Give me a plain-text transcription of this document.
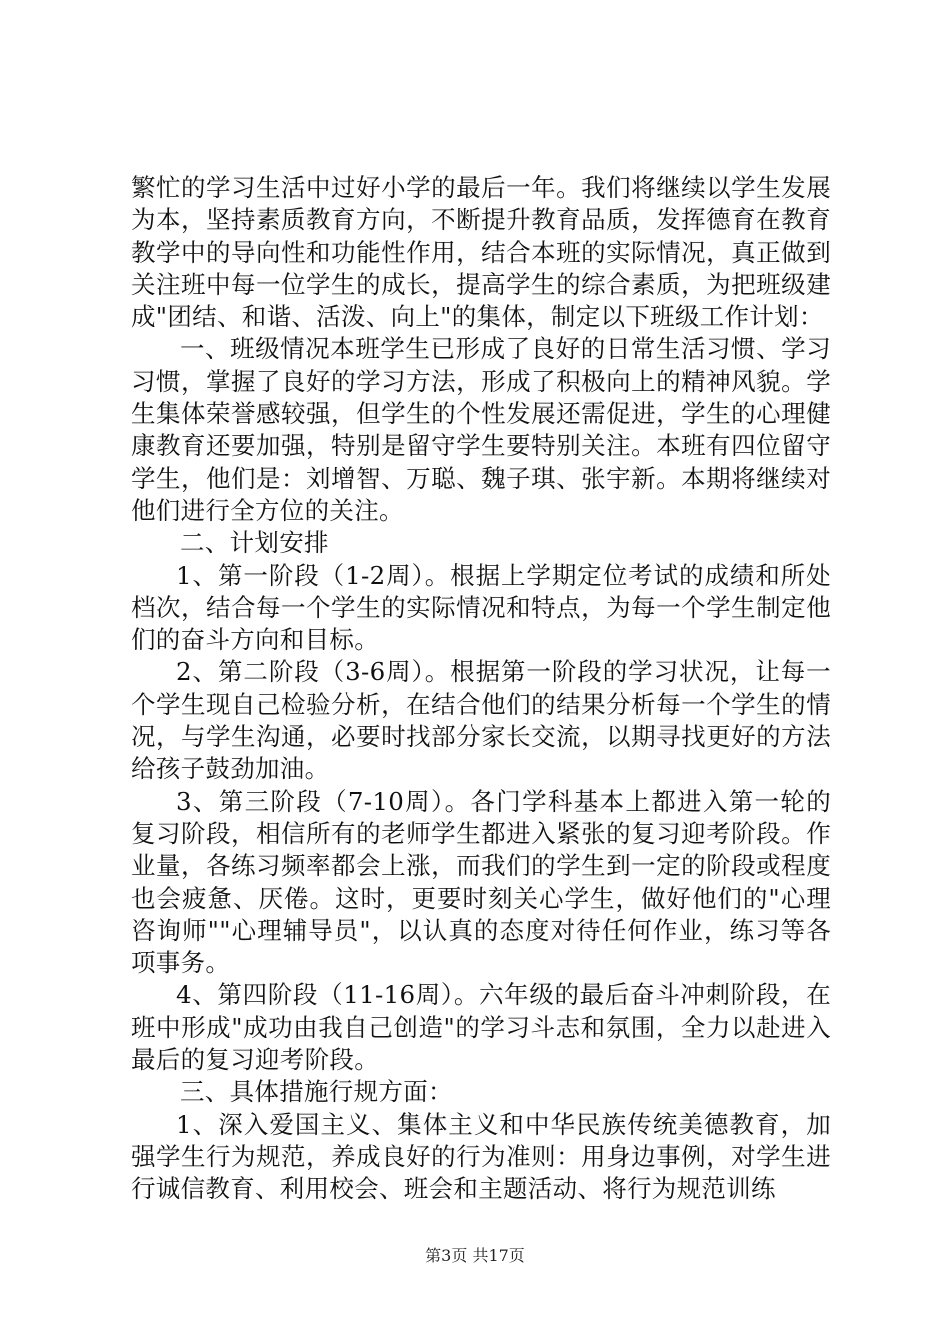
繁忙的学习生活中过好小学的最后一年。我们将继续以学生发展为本，坚持素质教育方向，不断提升教育品质，发挥德育在教育教学中的导向性和功能性作用，结合本班的实际情况，真正做到关注班中每一位学生的成长，提高学生的综合素质，为把班级建成"团结、和谐、活泼、向上"的集体，制定以下班级工作计划：

一、班级情况本班学生已形成了良好的日常生活习惯、学习习惯，掌握了良好的学习方法，形成了积极向上的精神风貌。学生集体荣誉感较强，但学生的个性发展还需促进，学生的心理健康教育还要加强，特别是留守学生要特别关注。本班有四位留守学生，他们是：刘增智、万聪、魏子琪、张宇新。本期将继续对他们进行全方位的关注。

二、计划安排

1、第一阶段（1-2周）。根据上学期定位考试的成绩和所处档次，结合每一个学生的实际情况和特点，为每一个学生制定他们的奋斗方向和目标。

2、第二阶段（3-6周）。根据第一阶段的学习状况，让每一个学生现自己检验分析，在结合他们的结果分析每一个学生的情况，与学生沟通，必要时找部分家长交流，以期寻找更好的方法给孩子鼓劲加油。

3、第三阶段（7-10周）。各门学科基本上都进入第一轮的复习阶段，相信所有的老师学生都进入紧张的复习迎考阶段。作业量，各练习频率都会上涨，而我们的学生到一定的阶段或程度也会疲惫、厌倦。这时，更要时刻关心学生，做好他们的"心理咨询师""心理辅导员"，以认真的态度对待任何作业，练习等各项事务。

4、第四阶段（11-16周）。六年级的最后奋斗冲刺阶段，在班中形成"成功由我自己创造"的学习斗志和氛围，全力以赴进入最后的复习迎考阶段。

三、具体措施行规方面：

1、深入爱国主义、集体主义和中华民族传统美德教育，加强学生行为规范，养成良好的行为准则：用身边事例，对学生进行诚信教育、利用校会、班会和主题活动、将行为规范训练

第3页 共17页
